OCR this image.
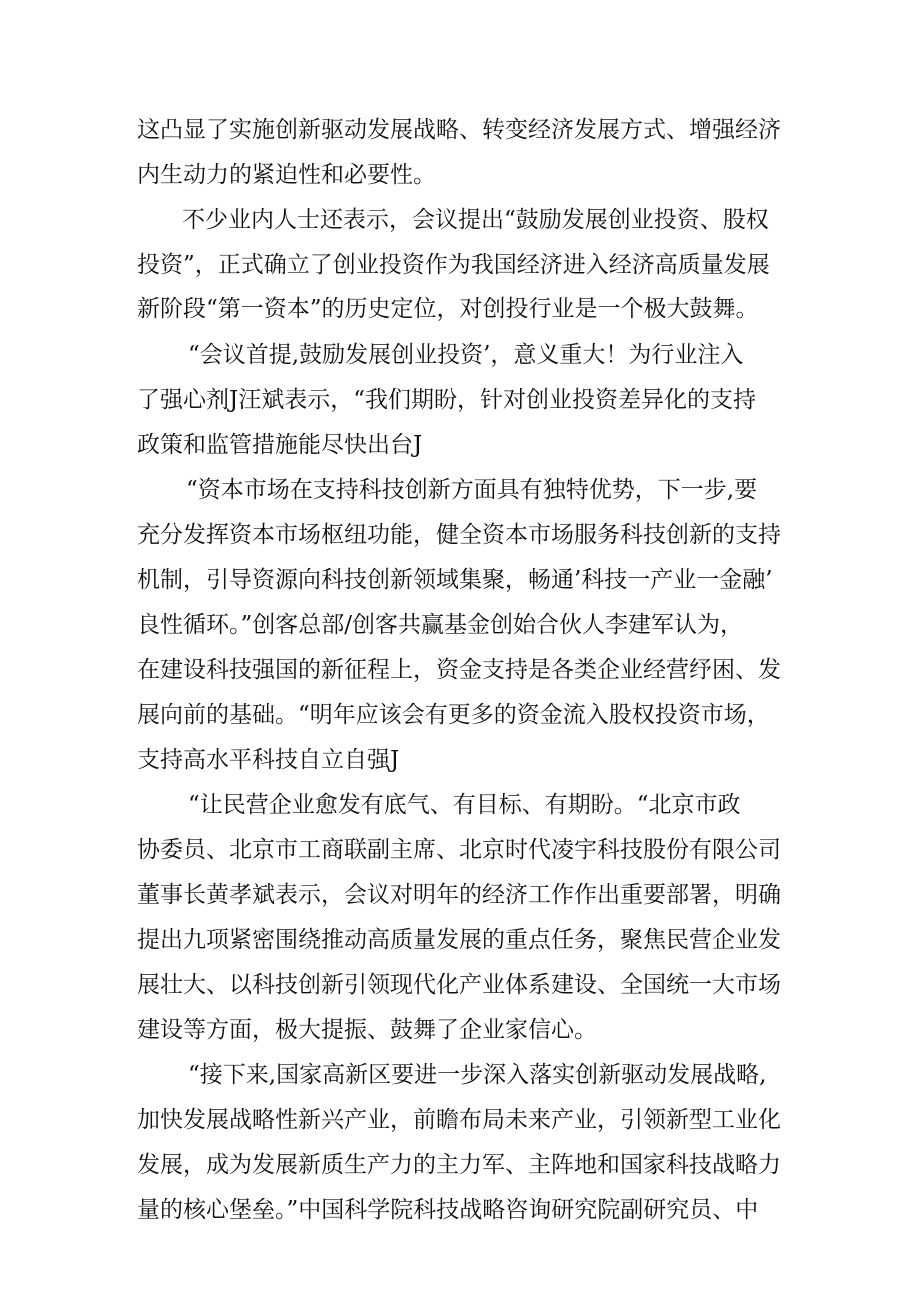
这凸显了实施创新驱动发展战略、转变经济发展方式、增强经济
内生动力的紧迫性和必要性。
不少业内人士还表示，会议提出“鼓励发展创业投资、股权
投资”，正式确立了创业投资作为我国经济进入经济高质量发展
新阶段“第一资本”的历史定位，对创投行业是一个极大鼓舞。
“会议首提,鼓励发展创业投资’，意义重大！为行业注入
了强心剂J汪斌表示，“我们期盼，针对创业投资差异化的支持
政策和监管措施能尽快出台J
“资本市场在支持科技创新方面具有独特优势，下一步,要
充分发挥资本市场枢纽功能，健全资本市场服务科技创新的支持
机制，引导资源向科技创新领域集聚，畅通’科技一产业一金融’
良性循环。”创客总部/创客共赢基金创始合伙人李建军认为，
在建设科技强国的新征程上，资金支持是各类企业经营纾困、发
展向前的基础。“明年应该会有更多的资金流入股权投资市场，
支持高水平科技自立自强J
“让民营企业愈发有底气、有目标、有期盼。“北京市政
协委员、北京市工商联副主席、北京时代凌宇科技股份有限公司
董事长黄孝斌表示，会议对明年的经济工作作出重要部署，明确
提出九项紧密围绕推动高质量发展的重点任务，聚焦民营企业发
展壮大、以科技创新引领现代化产业体系建设、全国统一大市场
建设等方面，极大提振、鼓舞了企业家信心。
“接下来,国家高新区要进一步深入落实创新驱动发展战略,
加快发展战略性新兴产业，前瞻布局未来产业，引领新型工业化
发展，成为发展新质生产力的主力军、主阵地和国家科技战略力
量的核心堡垒。”中国科学院科技战略咨询研究院副研究员、中
